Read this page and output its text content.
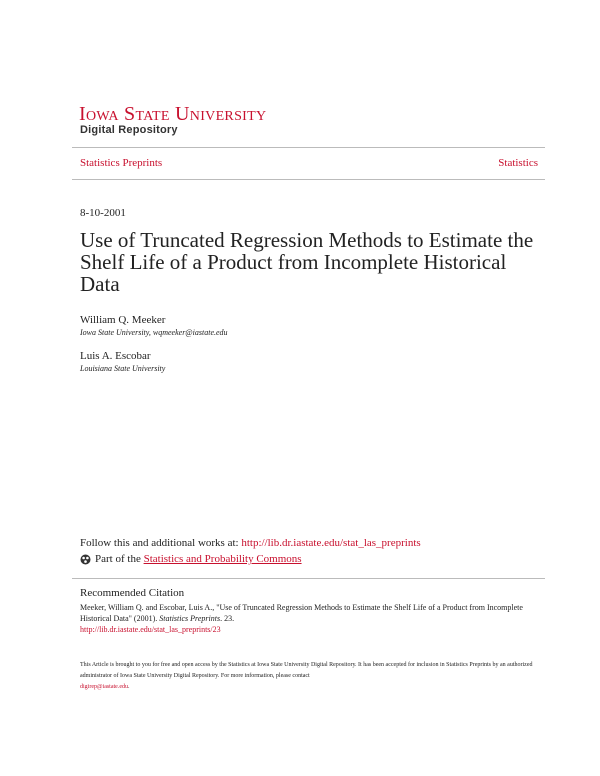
Iowa State University
Digital Repository
Statistics Preprints	Statistics
8-10-2001
Use of Truncated Regression Methods to Estimate the Shelf Life of a Product from Incomplete Historical Data
William Q. Meeker
Iowa State University, wqmeeker@iastate.edu
Luis A. Escobar
Louisiana State University
Follow this and additional works at: http://lib.dr.iastate.edu/stat_las_preprints
Part of the
Statistics and Probability Commons
Recommended Citation
Meeker, William Q. and Escobar, Luis A., "Use of Truncated Regression Methods to Estimate the Shelf Life of a Product from Incomplete Historical Data" (2001). Statistics Preprints. 23.
http://lib.dr.iastate.edu/stat_las_preprints/23
This Article is brought to you for free and open access by the Statistics at Iowa State University Digital Repository. It has been accepted for inclusion in Statistics Preprints by an authorized administrator of Iowa State University Digital Repository. For more information, please contact
digirep@iastate.edu.
